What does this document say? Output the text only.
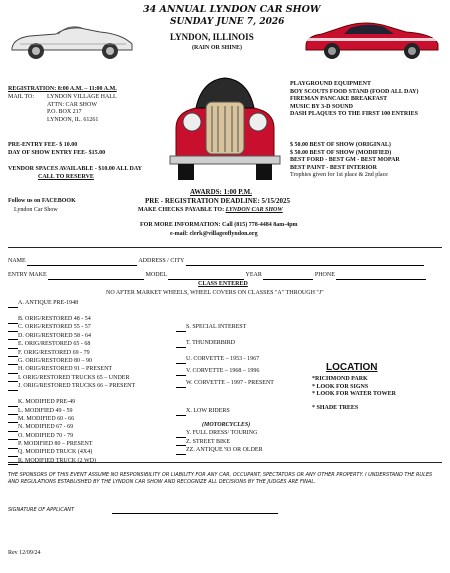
34 ANNUAL LYNDON CAR SHOW
SUNDAY JUNE 7, 2026
LYNDON, ILLINOIS
(RAIN OR SHINE)
REGISTRATION: 8:00 A.M. – 11:00 A.M.
MAIL TO: LYNDON VILLAGE HALL
ATTN: CAR SHOW
P.O. BOX 217
LYNDON, IL. 61261
PRE-ENTRY FEE- $ 10.00
DAY OF SHOW ENTRY FEE- $15.00
VENDOR SPACES AVAILABLE - $10.00 ALL DAY
CALL TO RESERVE
Follow us on FACEBOOK
Lyndon Car Show
PLAYGROUND EQUIPMENT
BOY SCOUTS FOOD STAND (FOOD ALL DAY)
FIREMAN PANCAKE BREAKFAST
MUSIC BY 3-D SOUND
DASH PLAQUES TO THE FIRST 100 ENTRIES
$ 50.00 BEST OF SHOW (ORIGINAL)
$ 50.00 BEST OF SHOW (MODIFIED)
BEST FORD - BEST GM - BEST MOPAR
BEST PAINT - BEST INTERIOR
Trophies given for 1st place & 2nd place
AWARDS: 1:00 P.M.
PRE - REGISTRATION DEADLINE: 5/15/2025
MAKE CHECKS PAYABLE TO: LYNDON CAR SHOW
FOR MORE INFORMATION: Call (815) 778-4484 8am-4pm
e-mail: clerk@villageoflyndon.org
NAME	ADDRESS / CITY
ENTRY MAKE	MODEL	YEAR	PHONE
CLASS ENTERED
NO AFTER MARKET WHEELS, WHEEL COVERS ON CLASSES "A" THROUGH "J"
A. ANTIQUE PRE-1948
B. ORIG/RESTORED 48 - 54
C. ORIG/RESTORED 55 - 57
D. ORIG/RESTORED 58 - 64
E. ORIG/RESTORED 65 - 68
F. ORIG/RESTORED 69 - 79
G. ORIG/RESTORED 80 – 90
H. ORIG/RESTORED 91 – PRESENT
I. ORIG/RESTORED TRUCKS 65 – UNDER
J. ORIG/RESTORED TRUCKS 66 – PRESENT
K. MODIFIED PRE-49
L. MODIFIED 49 - 59
M. MODIFIED 60 - 66
N. MODIFIED 67 - 69
O. MODIFIED 70 - 79
P. MODIFIED 80 – PRESENT
Q. MODIFIED TRUCK (4X4)
R. MODIFIED TRUCK (2 WD)
S. SPECIAL INTEREST
T. THUNDERBIRD
U. CORVETTE – 1953 - 1967
V. CORVETTE – 1968 – 1996
W. CORVETTE – 1997 - PRESENT
X. LOW RIDERS
(MOTORCYCLES)
Y. FULL DRESS/ TOURING
Z. STREET BIKE
ZZ. ANTIQUE '93 OR OLDER
LOCATION
*RICHMOND PARK
* LOOK FOR SIGNS
* LOOK FOR WATER TOWER
* SHADE TREES
THE SPONSORS OF THIS EVENT ASSUME NO RESPONSIBILITY OR LIABILITY FOR ANY CAR, OCCUPANT, SPECTATORS OR ANY OTHER PROPERTY. I UNDERSTAND THE RULES AND REGULATIONS ESTABLISHED BY THE LYNDON CAR SHOW AND RECOGNIZE ALL DECISIONS BY THE JUDGES ARE FINAL.
SIGNATURE OF APPLICANT
Rev 12/09/24
